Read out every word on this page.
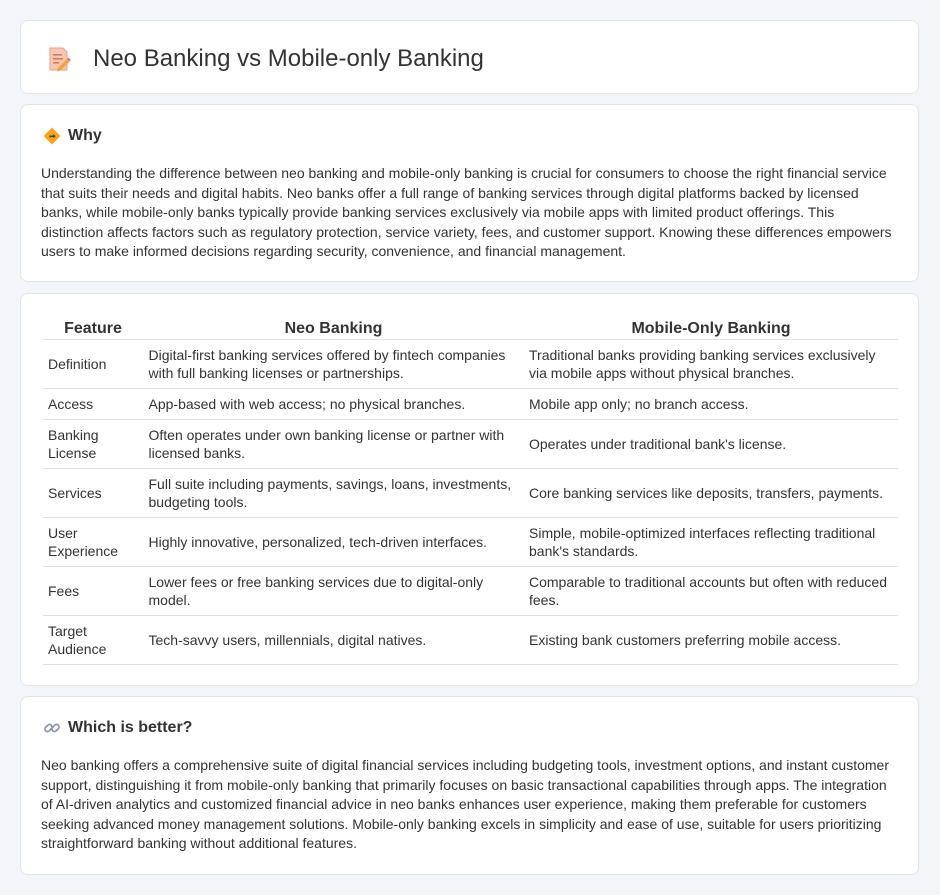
Neo Banking vs Mobile-only Banking
Why

Understanding the difference between neo banking and mobile-only banking is crucial for consumers to choose the right financial service that suits their needs and digital habits. Neo banks offer a full range of banking services through digital platforms backed by licensed banks, while mobile-only banks typically provide banking services exclusively via mobile apps with limited product offerings. This distinction affects factors such as regulatory protection, service variety, fees, and customer support. Knowing these differences empowers users to make informed decisions regarding security, convenience, and financial management.

Feature	Neo Banking	Mobile-Only Banking
Definition	Digital-first banking services offered by fintech companies with full banking licenses or partnerships.	Traditional banks providing banking services exclusively via mobile apps without physical branches.
Access	App-based with web access; no physical branches.	Mobile app only; no branch access.
Banking License	Often operates under own banking license or partner with licensed banks.	Operates under traditional bank's license.
Services	Full suite including payments, savings, loans, investments, budgeting tools.	Core banking services like deposits, transfers, payments.
User Experience	Highly innovative, personalized, tech-driven interfaces.	Simple, mobile-optimized interfaces reflecting traditional bank's standards.
Fees	Lower fees or free banking services due to digital-only model.	Comparable to traditional accounts but often with reduced fees.
Target Audience	Tech-savvy users, millennials, digital natives.	Existing bank customers preferring mobile access.
Which is better?

Neo banking offers a comprehensive suite of digital financial services including budgeting tools, investment options, and instant customer support, distinguishing it from mobile-only banking that primarily focuses on basic transactional capabilities through apps. The integration of AI-driven analytics and customized financial advice in neo banks enhances user experience, making them preferable for customers seeking advanced money management solutions. Mobile-only banking excels in simplicity and ease of use, suitable for users prioritizing straightforward banking without additional features.
